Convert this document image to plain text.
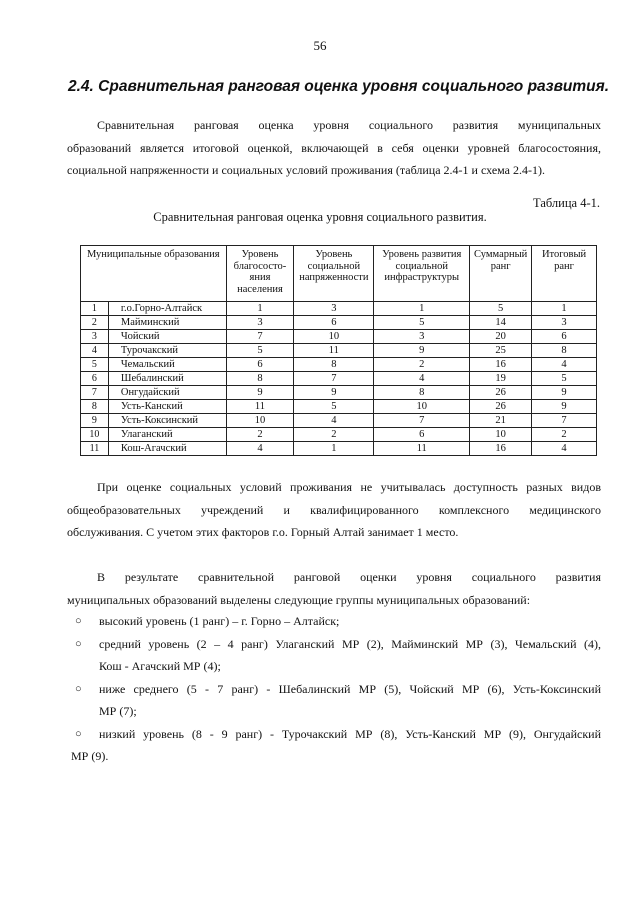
56
2.4. Сравнительная ранговая оценка уровня социального развития.
Сравнительная ранговая оценка уровня социального развития муниципальных
образований является итоговой оценкой, включающей в себя оценки уровней благосостояния,
социальной напряженности и социальных условий проживания (таблица 2.4-1 и схема 2.4-1).
Таблица 4-1.
Сравнительная ранговая оценка уровня социального развития.
Муниципальные образования		Уровень благососто-яния населения	Уровень социальной напряженности	Уровень развития социальной инфраструктуры	Суммарный ранг	Итоговый ранг
1	г.о.Горно-Алтайск	1	3	1	5	1
2	Майминский	3	6	5	14	3
3	Чойский	7	10	3	20	6
4	Турочакский	5	11	9	25	8
5	Чемальский	6	8	2	16	4
6	Шебалинский	8	7	4	19	5
7	Онгудайский	9	9	8	26	9
8	Усть-Канский	11	5	10	26	9
9	Усть-Коксинский	10	4	7	21	7
10	Улаганский	2	2	6	10	2
11	Кош-Агачский	4	1	11	16	4
При оценке социальных условий проживания не учитывалась доступность разных видов
общеобразовательных учреждений и квалифицированного комплексного медицинского
обслуживания. С учетом этих факторов г.о. Горный Алтай занимает 1 место.
В результате сравнительной ранговой оценки уровня социального развития
муниципальных образований выделены следующие группы муниципальных образований:
○ высокий уровень (1 ранг) – г. Горно – Алтайск;
○ средний уровень (2 – 4 ранг) Улаганский МР (2), Майминский МР (3), Чемальский (4),
Кош - Агачский МР (4);
○ ниже среднего (5 - 7 ранг) - Шебалинский МР (5), Чойский МР (6), Усть-Коксинский
МР (7);
○ низкий уровень (8 - 9 ранг) - Турочакский МР (8), Усть-Канский МР (9), Онгудайский
МР (9).
